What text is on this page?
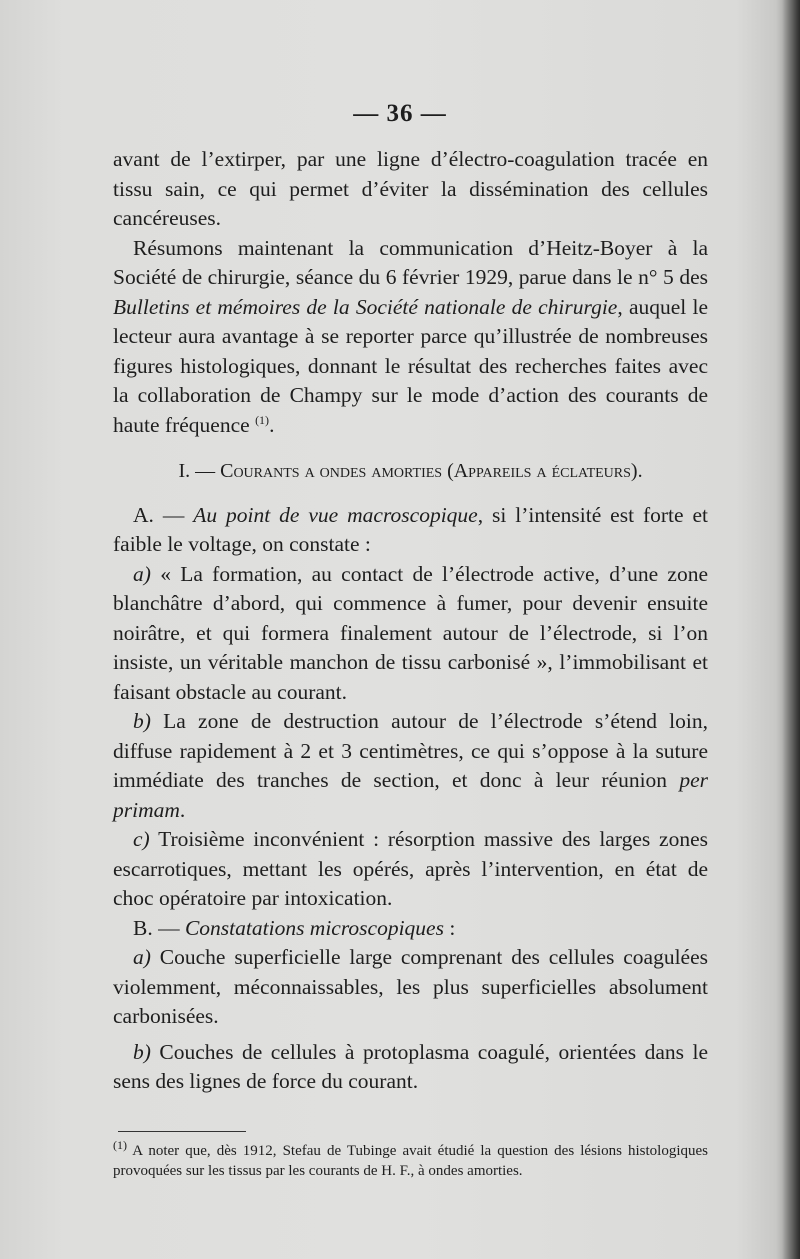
— 36 —

avant de l’extirper, par une ligne d’électro-coagulation tracée en tissu sain, ce qui permet d’éviter la dissémination des cellules cancéreuses.

Résumons maintenant la communication d’Heitz-Boyer à la Société de chirurgie, séance du 6 février 1929, parue dans le n° 5 des Bulletins et mémoires de la Société nationale de chirurgie, auquel le lecteur aura avantage à se reporter parce qu’illustrée de nombreuses figures histologiques, donnant le résultat des recherches faites avec la collaboration de Champy sur le mode d’action des courants de haute fréquence $^{(1)}$.

I. — Courants a ondes amorties (Appareils a éclateurs).

A. — Au point de vue macroscopique, si l’intensité est forte et faible le voltage, on constate :

a) « La formation, au contact de l’électrode active, d’une zone blanchâtre d’abord, qui commence à fumer, pour devenir ensuite noirâtre, et qui formera finalement autour de l’électrode, si l’on insiste, un véritable manchon de tissu carbonisé », l’immobilisant et faisant obstacle au courant.

b) La zone de destruction autour de l’électrode s’étend loin, diffuse rapidement à 2 et 3 centimètres, ce qui s’oppose à la suture immédiate des tranches de section, et donc à leur réunion per primam.

c) Troisième inconvénient : résorption massive des larges zones escarrotiques, mettant les opérés, après l’intervention, en état de choc opératoire par intoxication.

B. — Constatations microscopiques :

a) Couche superficielle large comprenant des cellules coagulées violemment, méconnaissables, les plus superficielles absolument carbonisées.

b) Couches de cellules à protoplasma coagulé, orientées dans le sens des lignes de force du courant.

$^{(1)}$ A noter que, dès 1912, Stefau de Tubinge avait étudié la question des lésions histologiques provoquées sur les tissus par les courants de H. F., à ondes amorties.
